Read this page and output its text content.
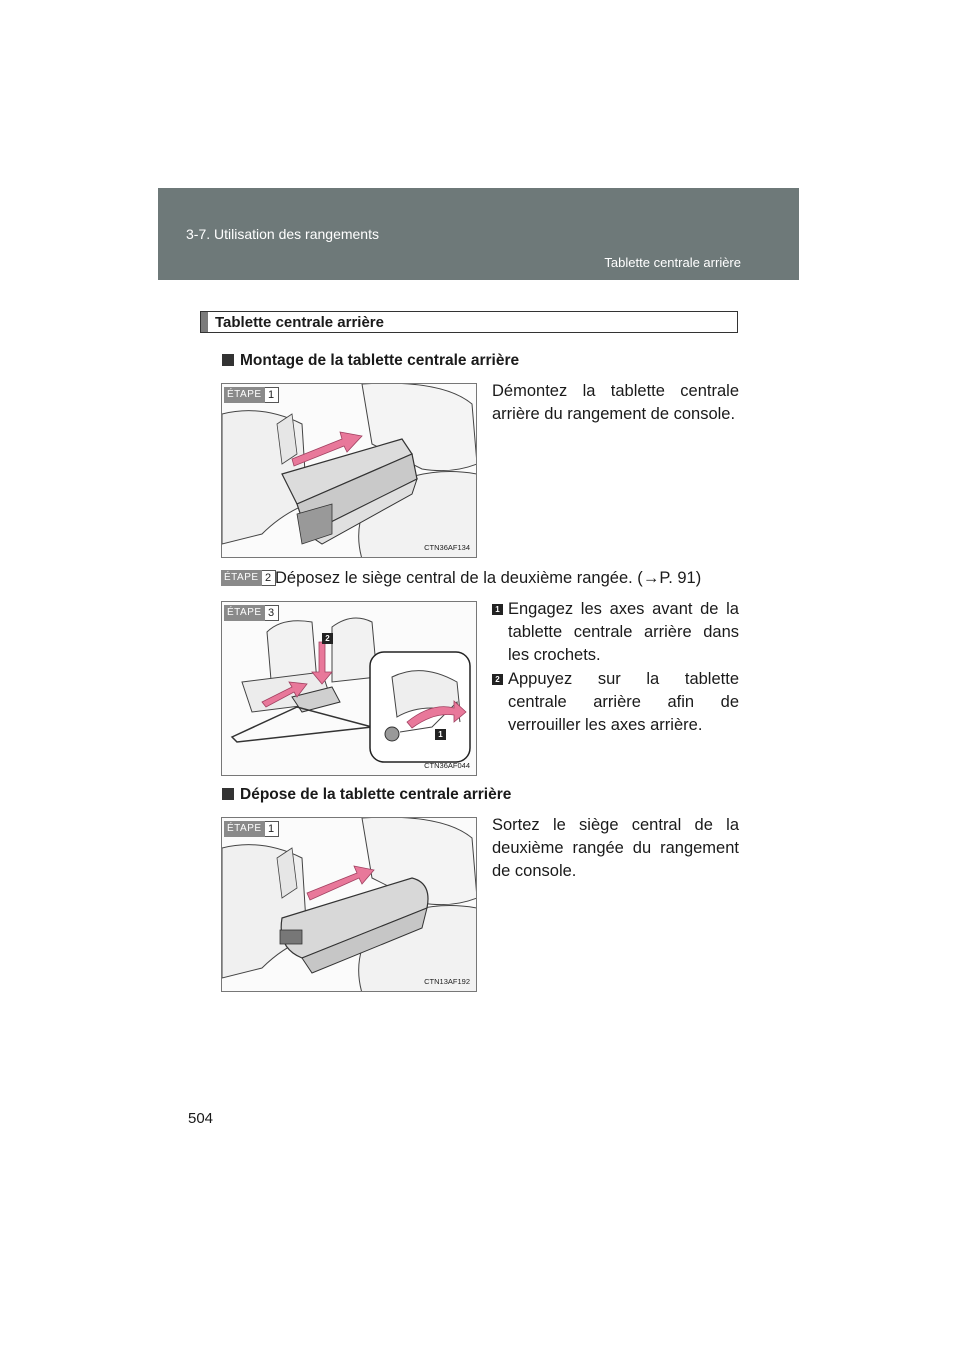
3-7. Utilisation des rangements
Tablette centrale arrière
Tablette centrale arrière
Montage de la tablette centrale arrière
ÉTAPE 1
CTN36AF134
Démontez la tablette centrale arrière du rangement de console.
ÉTAPE 2 Déposez le siège central de la deuxième rangée. (→P. 91)
2
1
ÉTAPE 3
CTN36AF044
1 Engagez les axes avant de la tablette centrale arrière dans les crochets.
2 Appuyez sur la tablette centrale arrière afin de verrouiller les axes arrière.
Dépose de la tablette centrale arrière
ÉTAPE 1
CTN13AF192
Sortez le siège central de la deuxième rangée du rangement de console.
504
